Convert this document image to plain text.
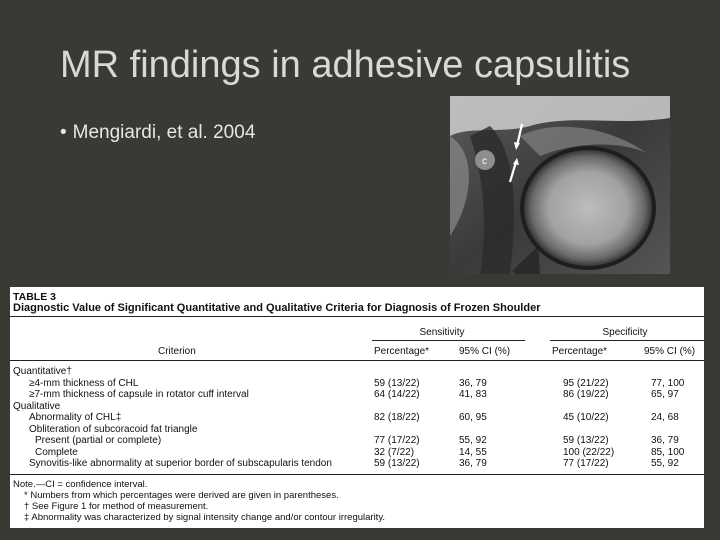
MR findings in adhesive capsulitis
• Mengiardi, et al. 2004
c
TABLE 3
Diagnostic Value of Significant Quantitative and Qualitative Criteria for Diagnosis of Frozen Shoulder
Sensitivity	Specificity
Criterion	Percentage*	95% CI (%)	Percentage*	95% CI (%)
Quantitative†
≥4-mm thickness of CHL	59 (13/22)	36, 79	95 (21/22)	77, 100
≥7-mm thickness of capsule in rotator cuff interval	64 (14/22)	41, 83	86 (19/22)	65, 97
Qualitative
Abnormality of CHL‡	82 (18/22)	60, 95	45 (10/22)	24, 68
Obliteration of subcoracoid fat triangle
Present (partial or complete)	77 (17/22)	55, 92	59 (13/22)	36, 79
Complete	32 (7/22)	14, 55	100 (22/22)	85, 100
Synovitis-like abnormality at superior border of subscapularis tendon	59 (13/22)	36, 79	77 (17/22)	55, 92
Note.—CI = confidence interval.
* Numbers from which percentages were derived are given in parentheses.
† See Figure 1 for method of measurement.
‡ Abnormality was characterized by signal intensity change and/or contour irregularity.
